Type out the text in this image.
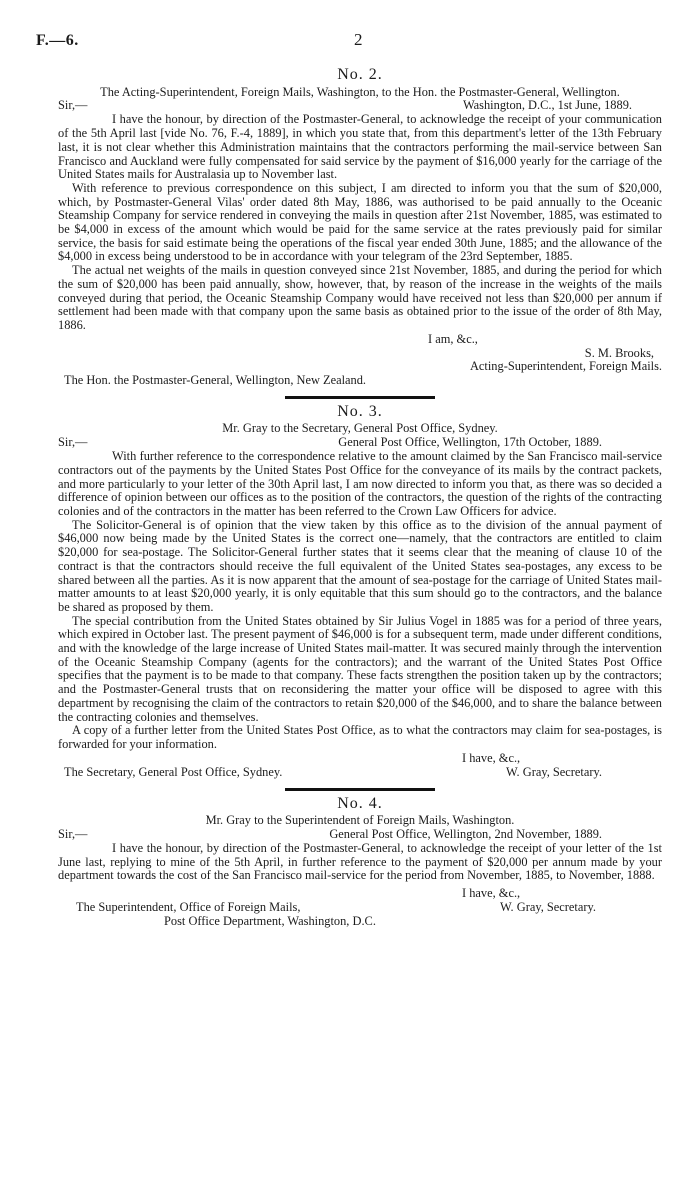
F.—6.	2
No. 2.
The Acting-Superintendent, Foreign Mails, Washington, to the Hon. the Postmaster-General, Wellington.
Sir,—	Washington, D.C., 1st June, 1889.

I have the honour, by direction of the Postmaster-General, to acknowledge the receipt of your communication of the 5th April last [vide No. 76, F.-4, 1889], in which you state that, from this department's letter of the 13th February last, it is not clear whether this Administration maintains that the contractors performing the mail-service between San Francisco and Auckland were fully compensated for said service by the payment of $16,000 yearly for the carriage of the United States mails for Australasia up to November last.

With reference to previous correspondence on this subject, I am directed to inform you that the sum of $20,000, which, by Postmaster-General Vilas' order dated 8th May, 1886, was authorised to be paid annually to the Oceanic Steamship Company for service rendered in conveying the mails in question after 21st November, 1885, was estimated to be $4,000 in excess of the amount which would be paid for the same service at the rates previously paid for similar service, the basis for said estimate being the operations of the fiscal year ended 30th June, 1885; and the allowance of the $4,000 in excess being understood to be in accordance with your telegram of the 23rd September, 1885.

The actual net weights of the mails in question conveyed since 21st November, 1885, and during the period for which the sum of $20,000 has been paid annually, show, however, that, by reason of the increase in the weights of the mails conveyed during that period, the Oceanic Steamship Company would have received not less than $20,000 per annum if settlement had been made with that company upon the same basis as obtained prior to the issue of the order of 8th May, 1886.

I am, &c.,
S. M. Brooks,
Acting-Superintendent, Foreign Mails.
The Hon. the Postmaster-General, Wellington, New Zealand.
No. 3.
Mr. Gray to the Secretary, General Post Office, Sydney.
Sir,—	General Post Office, Wellington, 17th October, 1889.

With further reference to the correspondence relative to the amount claimed by the San Francisco mail-service contractors out of the payments by the United States Post Office for the conveyance of its mails by the contract packets, and more particularly to your letter of the 30th April last, I am now directed to inform you that, as there was so decided a difference of opinion between our offices as to the position of the contractors, the question of the rights of the contracting colonies and of the contractors in the matter has been referred to the Crown Law Officers for advice.

The Solicitor-General is of opinion that the view taken by this office as to the division of the annual payment of $46,000 now being made by the United States is the correct one—namely, that the contractors are entitled to claim $20,000 for sea-postage. The Solicitor-General further states that it seems clear that the meaning of clause 10 of the contract is that the contractors should receive the full equivalent of the United States sea-postages, any excess to be shared between all the parties. As it is now apparent that the amount of sea-postage for the carriage of United States mail-matter amounts to at least $20,000 yearly, it is only equitable that this sum should go to the contractors, and the balance be shared as proposed by them.

The special contribution from the United States obtained by Sir Julius Vogel in 1885 was for a period of three years, which expired in October last. The present payment of $46,000 is for a subsequent term, made under different conditions, and with the knowledge of the large increase of United States mail-matter. It was secured mainly through the intervention of the Oceanic Steamship Company (agents for the contractors); and the warrant of the United States Post Office specifies that the payment is to be made to that company. These facts strengthen the position taken up by the contractors; and the Postmaster-General trusts that on reconsidering the matter your office will be disposed to agree with this department by recognising the claim of the contractors to retain $20,000 of the $46,000, and to share the balance between the contracting colonies and themselves.

A copy of a further letter from the United States Post Office, as to what the contractors may claim for sea-postages, is forwarded for your information.

I have, &c.,
The Secretary, General Post Office, Sydney.	W. Gray, Secretary.
No. 4.
Mr. Gray to the Superintendent of Foreign Mails, Washington.
Sir,—	General Post Office, Wellington, 2nd November, 1889.

I have the honour, by direction of the Postmaster-General, to acknowledge the receipt of your letter of the 1st June last, replying to mine of the 5th April, in further reference to the payment of $20,000 per annum made by your department towards the cost of the San Francisco mail-service for the period from November, 1885, to November, 1888.

I have, &c.,
The Superintendent, Office of Foreign Mails,	W. Gray, Secretary.
Post Office Department, Washington, D.C.
